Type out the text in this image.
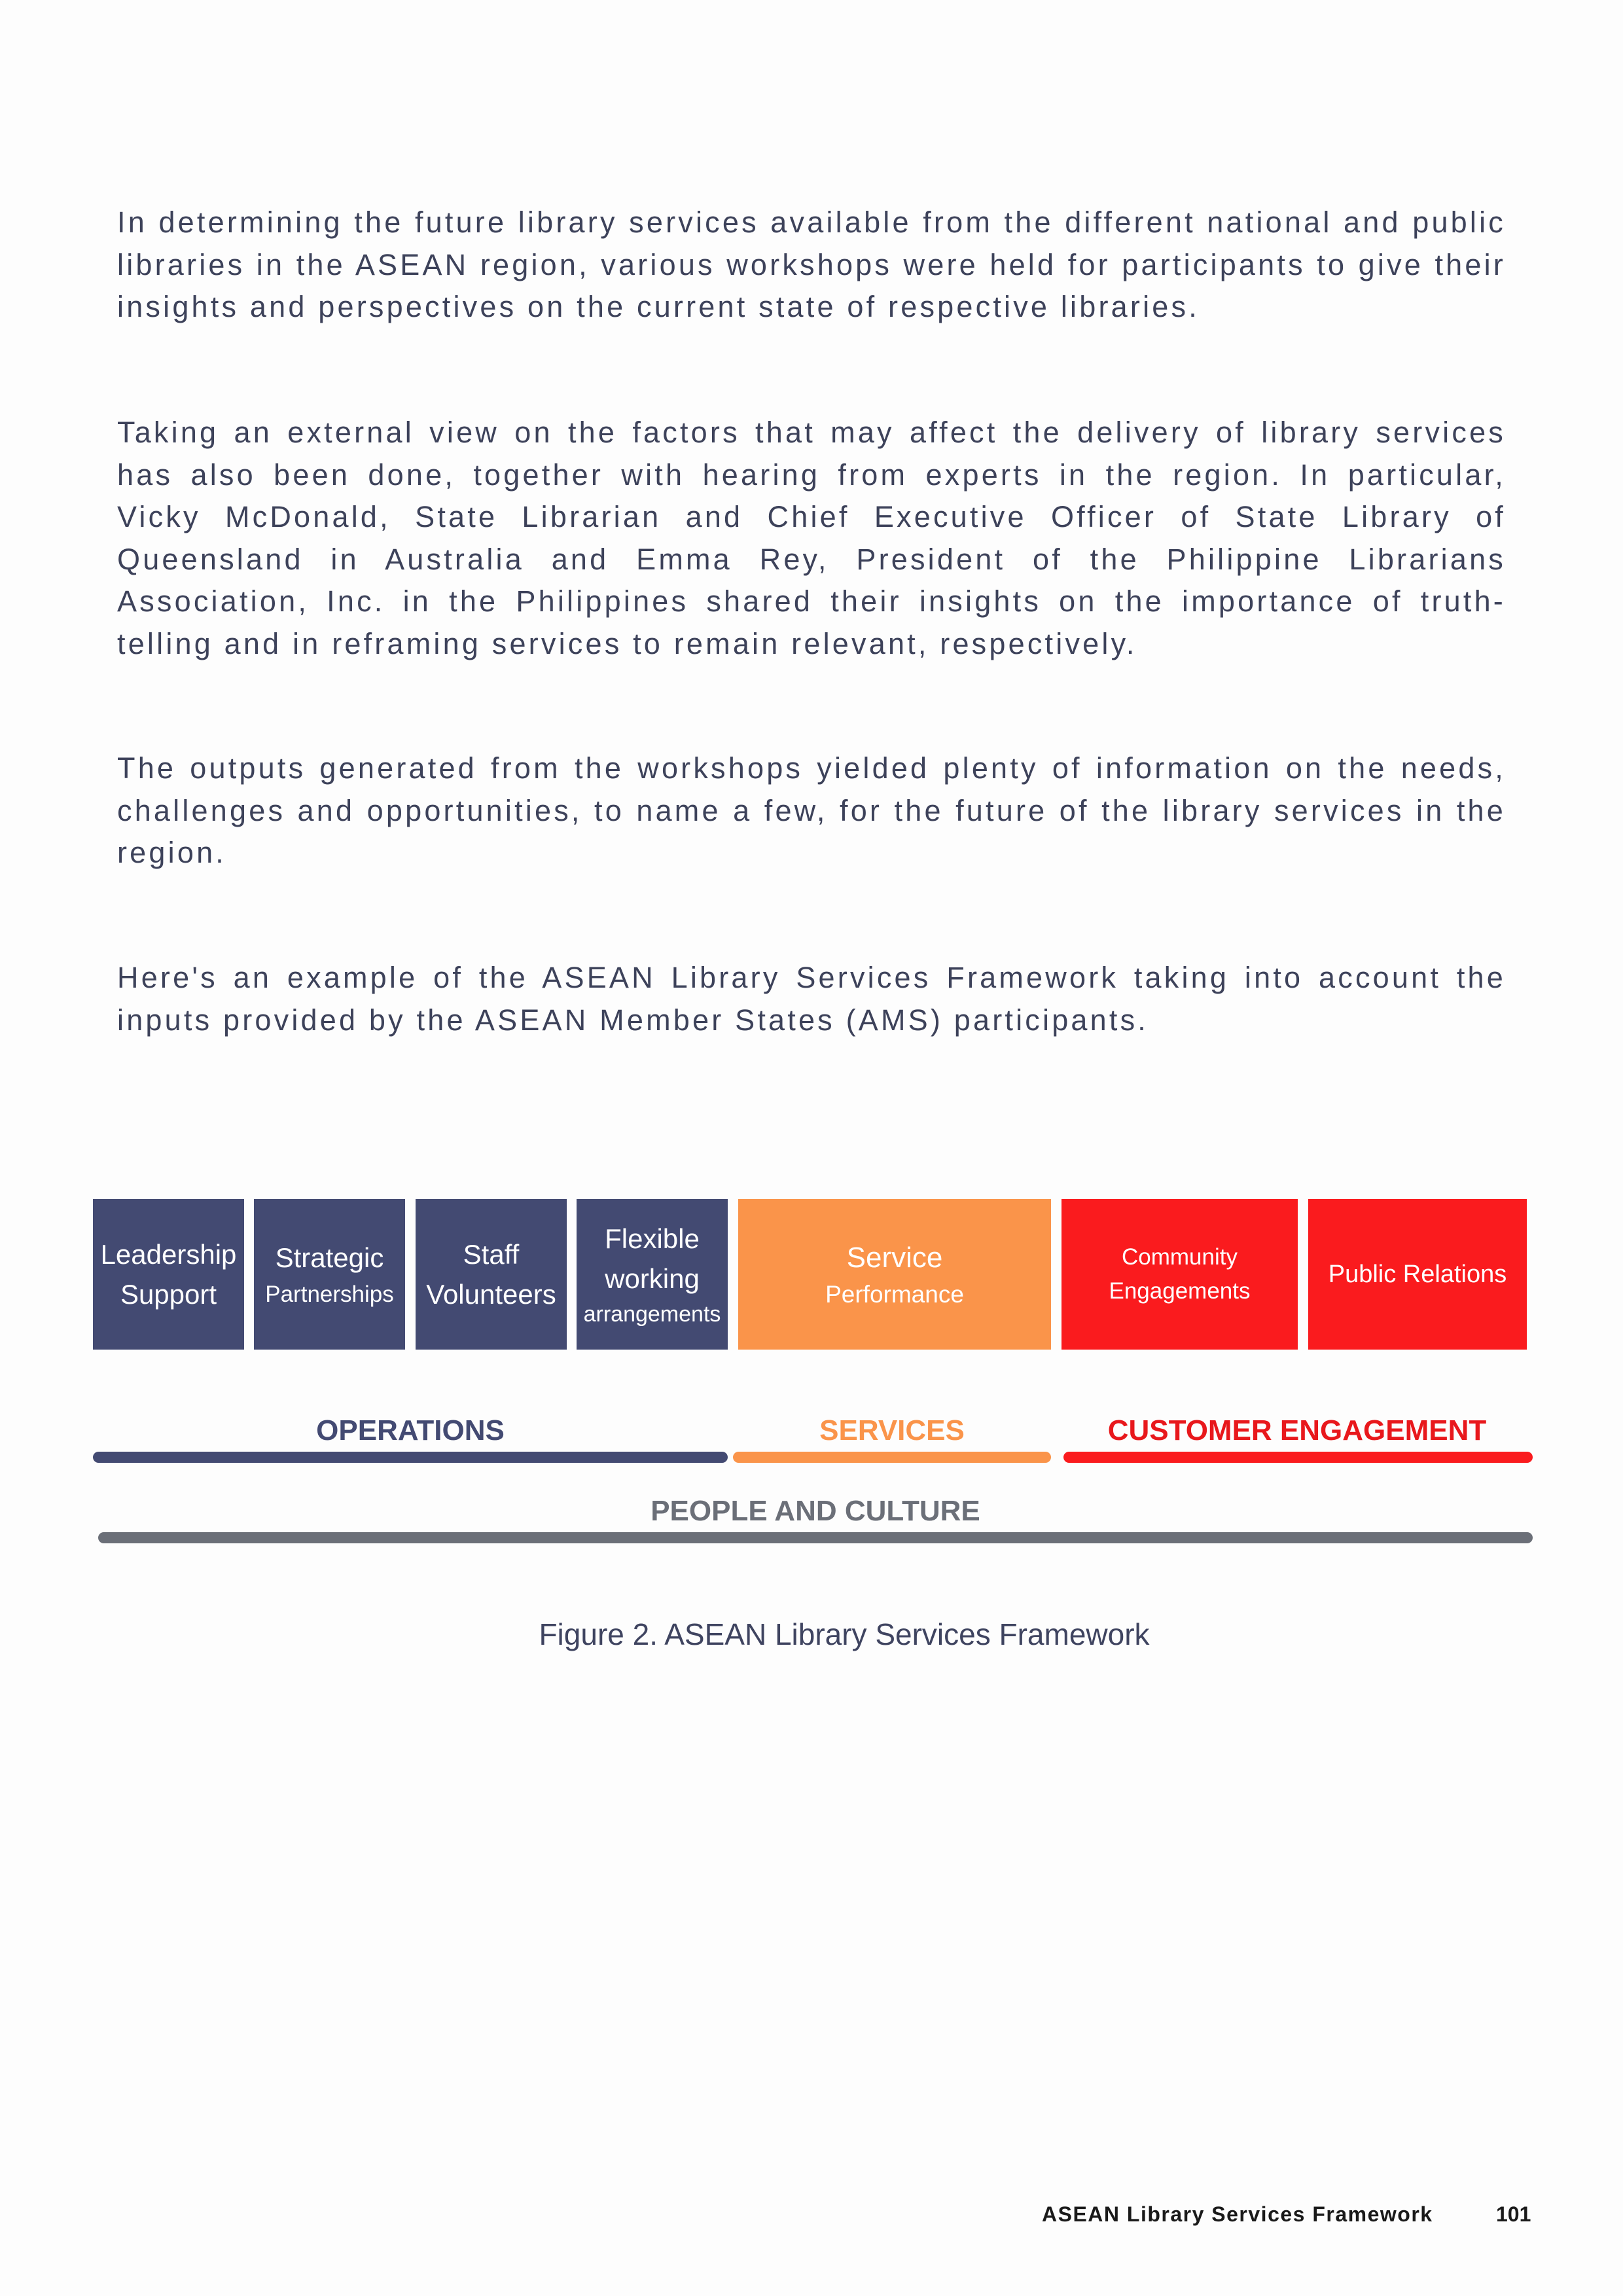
In determining the future library services available from the different national and public libraries in the ASEAN region, various workshops were held for participants to give their insights and perspectives on the current state of respective libraries.

Taking an external view on the factors that may affect the delivery of library services has also been done, together with hearing from experts in the region. In particular, Vicky McDonald, State Librarian and Chief Executive Officer of State Library of Queensland in Australia and Emma Rey, President of the Philippine Librarians Association, Inc. in the Philippines shared their insights on the importance of truth-telling and in reframing services to remain relevant, respectively.

The outputs generated from the workshops yielded plenty of information on the needs, challenges and opportunities, to name a few, for the future of the library services in the region.

Here's an example of the ASEAN Library Services Framework taking into account the inputs provided by the ASEAN Member States (AMS) participants.

Leadership
Support
Strategic
Partnerships
Staff
Volunteers
Flexible
working
arrangements
Service
Performance
Community
Engagements
Public Relations
OPERATIONS	SERVICES	CUSTOMER ENGAGEMENT
PEOPLE AND CULTURE
Figure 2. ASEAN Library Services Framework
ASEAN Library Services Framework	101
